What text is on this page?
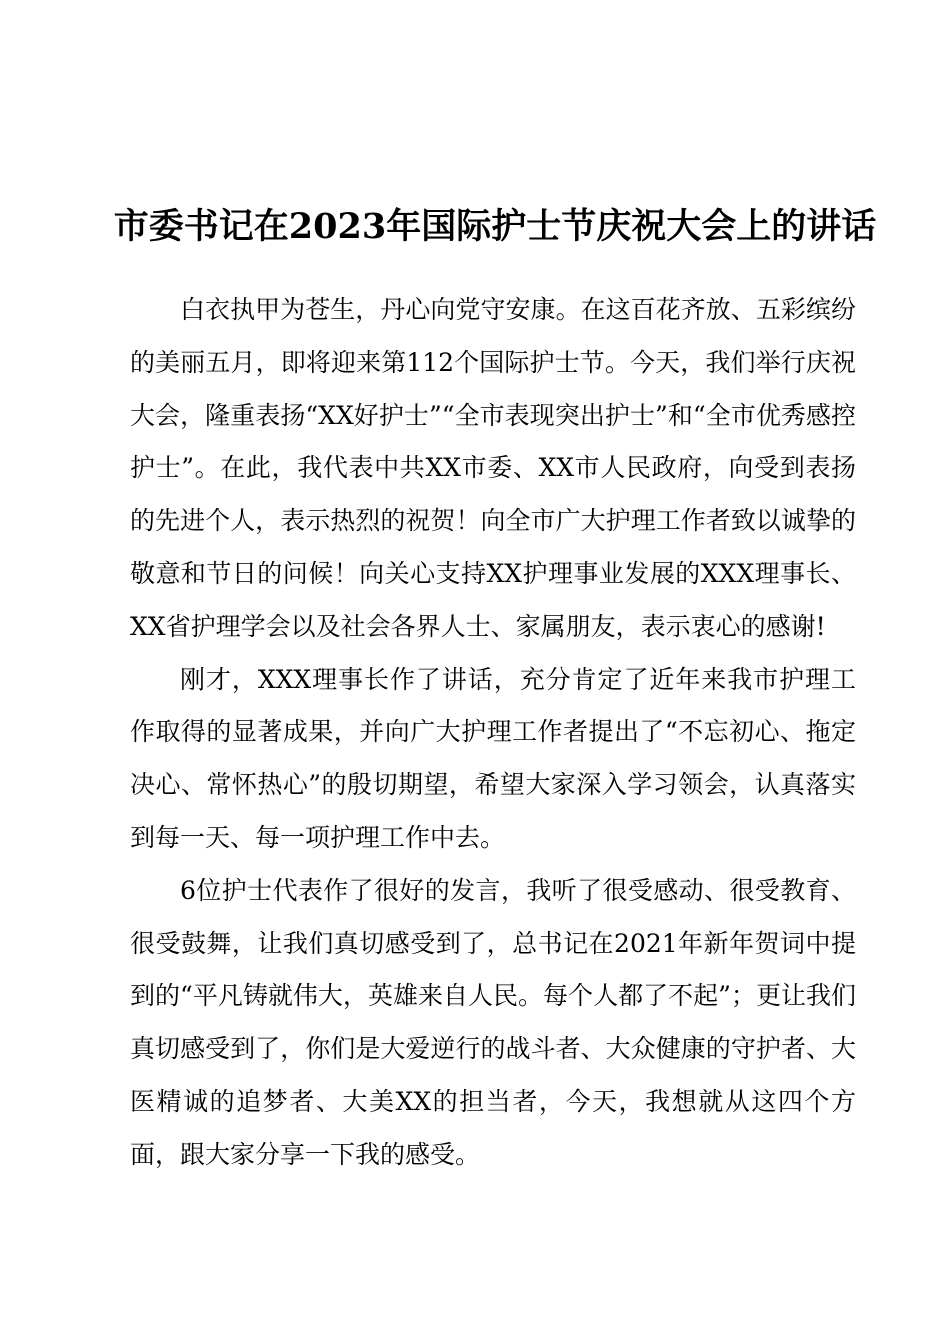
市委书记在2023年国际护士节庆祝大会上的讲话

白衣执甲为苍生，丹心向党守安康。在这百花齐放、五彩缤纷的美丽五月，即将迎来第112个国际护士节。今天，我们举行庆祝大会，隆重表扬“XX好护士”“全市表现突出护士”和“全市优秀感控护士”。在此，我代表中共XX市委、XX市人民政府，向受到表扬的先进个人，表示热烈的祝贺！向全市广大护理工作者致以诚挚的敬意和节日的问候！向关心支持XX护理事业发展的XXX理事长、XX省护理学会以及社会各界人士、家属朋友，表示衷心的感谢!

刚才，XXX理事长作了讲话，充分肯定了近年来我市护理工作取得的显著成果，并向广大护理工作者提出了“不忘初心、拖定决心、常怀热心”的殷切期望，希望大家深入学习领会，认真落实到每一天、每一项护理工作中去。

6位护士代表作了很好的发言，我听了很受感动、很受教育、很受鼓舞，让我们真切感受到了，总书记在2021年新年贺词中提到的“平凡铸就伟大，英雄来自人民。每个人都了不起”；更让我们真切感受到了，你们是大爱逆行的战斗者、大众健康的守护者、大医精诚的追梦者、大美XX的担当者，今天，我想就从这四个方面，跟大家分享一下我的感受。
